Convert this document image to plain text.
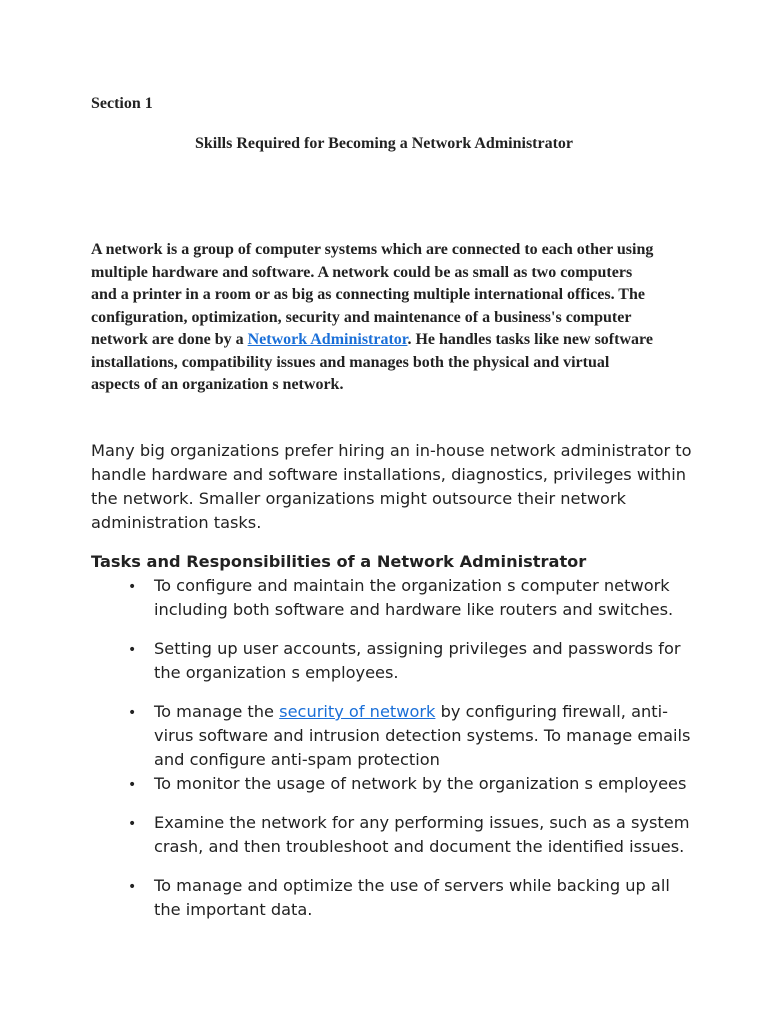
Section 1

Skills Required for Becoming a Network Administrator

A network is a group of computer systems which are connected to each other using
multiple hardware and software. A network could be as small as two computers
and a printer in a room or as big as connecting multiple international offices. The
configuration, optimization, security and maintenance of a business's computer
network are done by a Network Administrator. He handles tasks like new software
installations, compatibility issues and manages both the physical and virtual
aspects of an organization s network.
Many big organizations prefer hiring an in-house network administrator to
handle hardware and software installations, diagnostics, privileges within
the network. Smaller organizations might outsource their network
administration tasks.

Tasks and Responsibilities of a Network Administrator

• To configure and maintain the organization s computer network
including both software and hardware like routers and switches.
• Setting up user accounts, assigning privileges and passwords for
the organization s employees.
• To manage the security of network by configuring firewall, anti-
virus software and intrusion detection systems. To manage emails
and configure anti-spam protection
• To monitor the usage of network by the organization s employees
• Examine the network for any performing issues, such as a system
crash, and then troubleshoot and document the identified issues.
• To manage and optimize the use of servers while backing up all
the important data.
